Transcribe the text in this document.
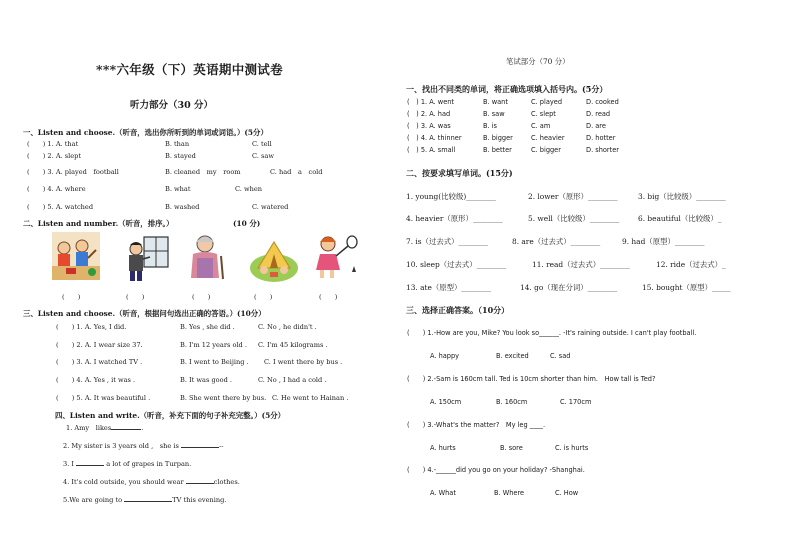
***六年级（下）英语期中测试卷
听力部分（30 分）
一、Listen and choose.（听音，选出你所听到的单词或词语。）(5分）
(　　) 1. A. that	B. than	C. tell
(　　) 2. A. slept	B. stayed	C. saw
(　　) 3. A. played　football	B. cleaned　my　room	C. had　a　cold
(　　) 4. A. where	B. what	C. when
(　　) 5. A. watched	B. washed	C. watered
二、Listen and number.（听音，排序。）	(10 分)
(　　)	(　　)	(　　)	(　　)	(　　)
三、Listen and choose.（听音，根据问句选出正确的答语。）(10分）
(　　) 1. A. Yes, I did.	B. Yes , she did .	C. No , he didn't .
(　　) 2. A. I wear size 37.	B. I'm 12 years old . C. I'm 45 kilograms .
(　　) 3. A. I watched TV .	B. I went to Beijing . C. I went there by bus .
(　　) 4. A. Yes , it was .	B. It was good .	C. No , I had a cold .
(　　) 5. A. It was beautiful .	B. She went there by bus. C. He went to Hainan .
四、Listen and write.（听音，补充下面的句子补充完整。）(5分）
1. Amy　likes	.
2. My sister is 3 years old ,　she is	--
3. I	a lot of grapes in Turpan.
4. It's cold outside, you should wear	clothes.
5.We are going to	TV this evening.
笔试部分（70 分）
一、找出不同类的单词，将正确选项填入括号内。(5分）
(　) 1. A. went	B. want	C. played	D. cooked
(　) 2. A. had	B. saw	C. slept	D. read
(　) 3. A. was	B. is	C. am	D. are
(　) 4. A. thinner	B. bigger	C. heavier	D. hotter
(　) 5. A. small	B. better	C. bigger	D. shorter
二、按要求填写单词。(15分)
1. young(比较级)________	2. lower（原形）________	3. big（比较级）________
4. heavier（原形）________	5. well（比较级）________	6. beautiful（比较级）_
7. is（过去式）________	8. are（过去式）________	9. had（原型）________
10. sleep（过去式）________	11. read（过去式）________	12. ride（过去式）_
13. ate（原型）________	14. go（现在分词）________	15. bought（原型）_____
三、选择正确答案。（10分）
(　　) 1.-How are you, Mike? You look so______. -It's raining outside. I can't play football.
A. happy	B. excited	C. sad
(　　) 2.-Sam is 160cm tall. Ted is 10cm shorter than him.　How tall is Ted?
A. 150cm	B. 160cm	C. 170cm
(　　) 3.-What's the matter?　My leg ____.
A. hurts	B. sore	C. is hurts
(　　) 4.-______did you go on your holiday? -Shanghai.
A. What	B. Where	C. How
